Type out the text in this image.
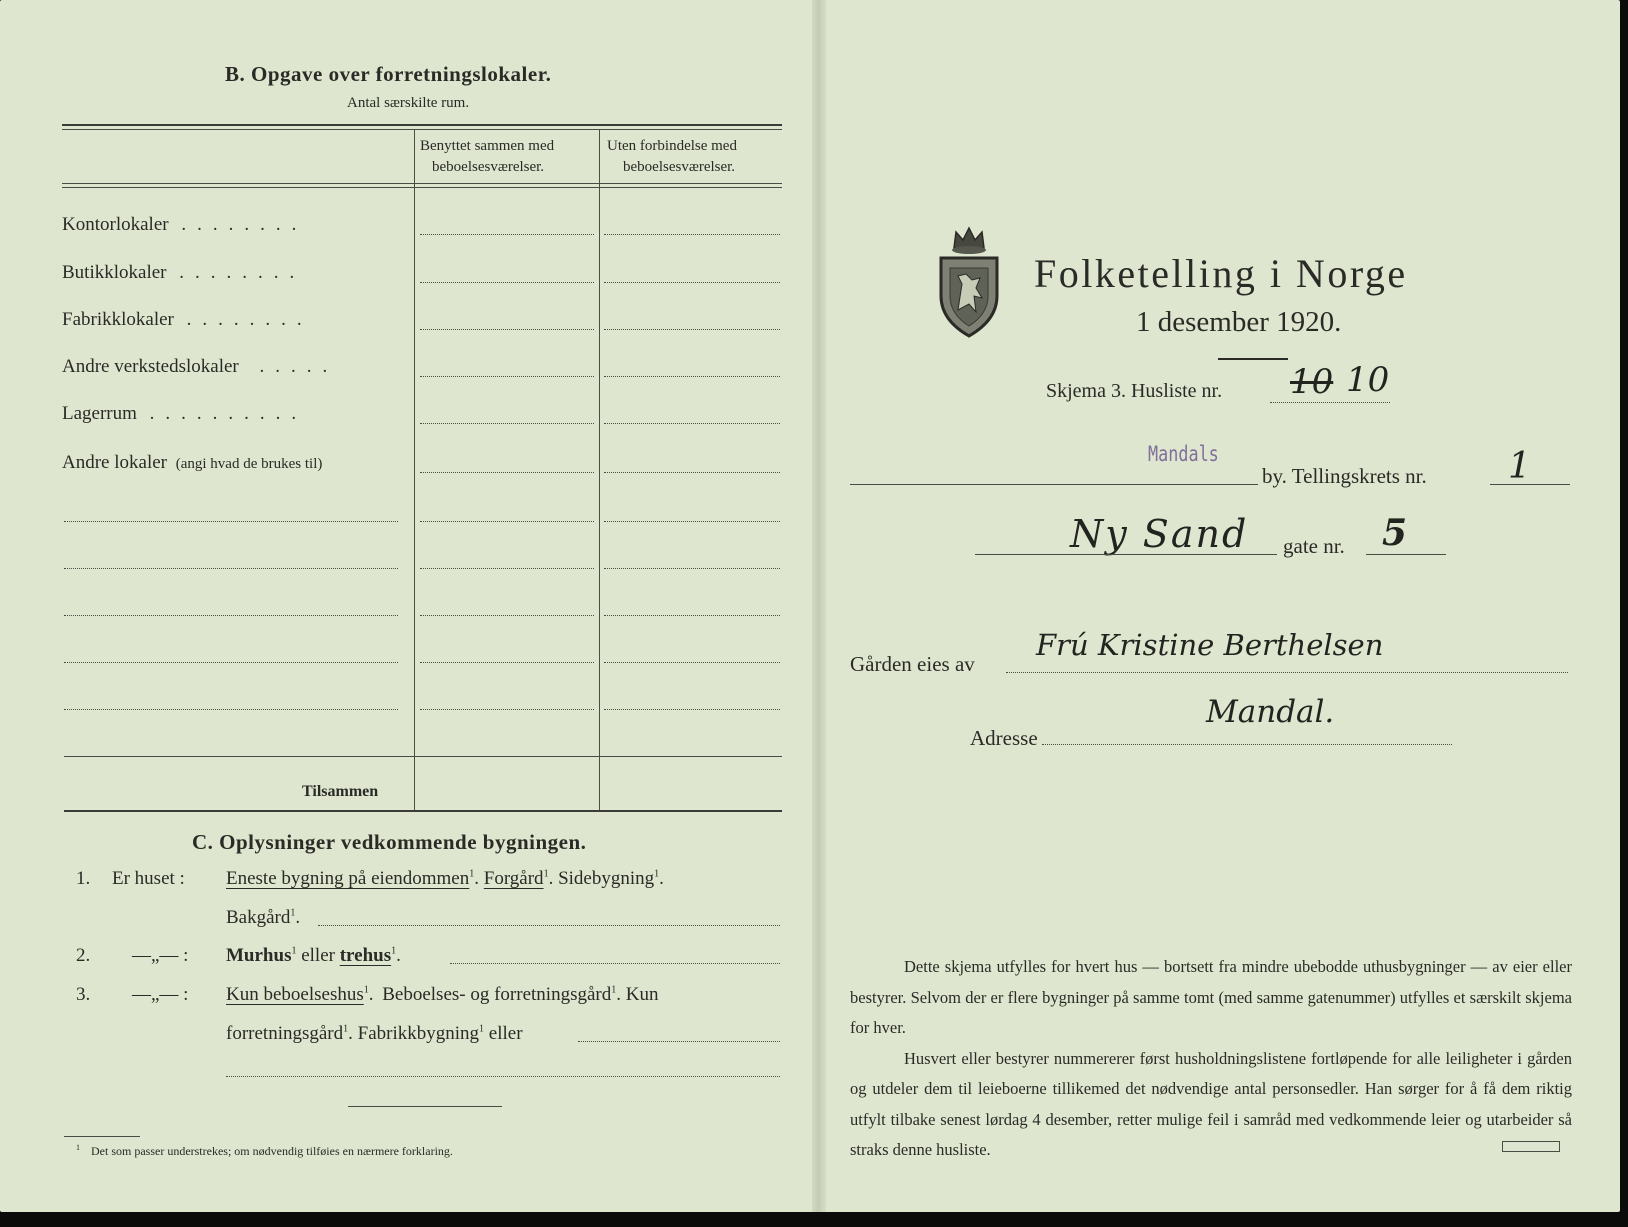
B. Opgave over forretningslokaler.
Antal særskilte rum.
Benyttet sammen med
beboelsesværelser.
Uten forbindelse med
beboelsesværelser.
Kontorlokaler ........
Butikklokaler ........
Fabrikklokaler ........
Andre verkstedslokaler .....
Lagerrum ..........
Andre lokaler (angi hvad de brukes til)
Tilsammen
C. Oplysninger vedkommende bygningen.
1. Er huset : Eneste bygning på eiendommen$^1$. Forgård$^1$. Sidebygning$^1$.
Bakgård$^1$.
2. —„— : Murhus$^1$ eller trehus$^1$.
3. —„— : Kun beboelseshus$^1$. Beboelses- og forretningsgård$^1$. Kun
forretningsgård$^1$. Fabrikkbygning$^1$ eller
$^1$ Det som passer understrekes; om nødvendig tilføies en nærmere forklaring.
Folketelling i Norge
1 desember 1920.
Skjema 3. Husliste nr. 10 10
Mandals
by. Tellingskrets nr. 1
Ny Sand gate nr. 5
Gården eies av
Frú Kristine Berthelsen
Adresse
Mandal.

Dette skjema utfylles for hvert hus — bortsett fra mindre ubebodde uthusbygninger — av eier eller bestyrer. Selvom der er flere bygninger på samme tomt (med samme gatenummer) utfylles et særskilt skjema for hver.

Husvert eller bestyrer nummererer først husholdningslistene fortløpende for alle leiligheter i gården og utdeler dem til leieboerne tillikemed det nødvendige antal personsedler. Han sørger for å få dem riktig utfylt tilbake senest lørdag 4 desember, retter mulige feil i samråd med vedkommende leier og utarbeider så straks denne husliste.
